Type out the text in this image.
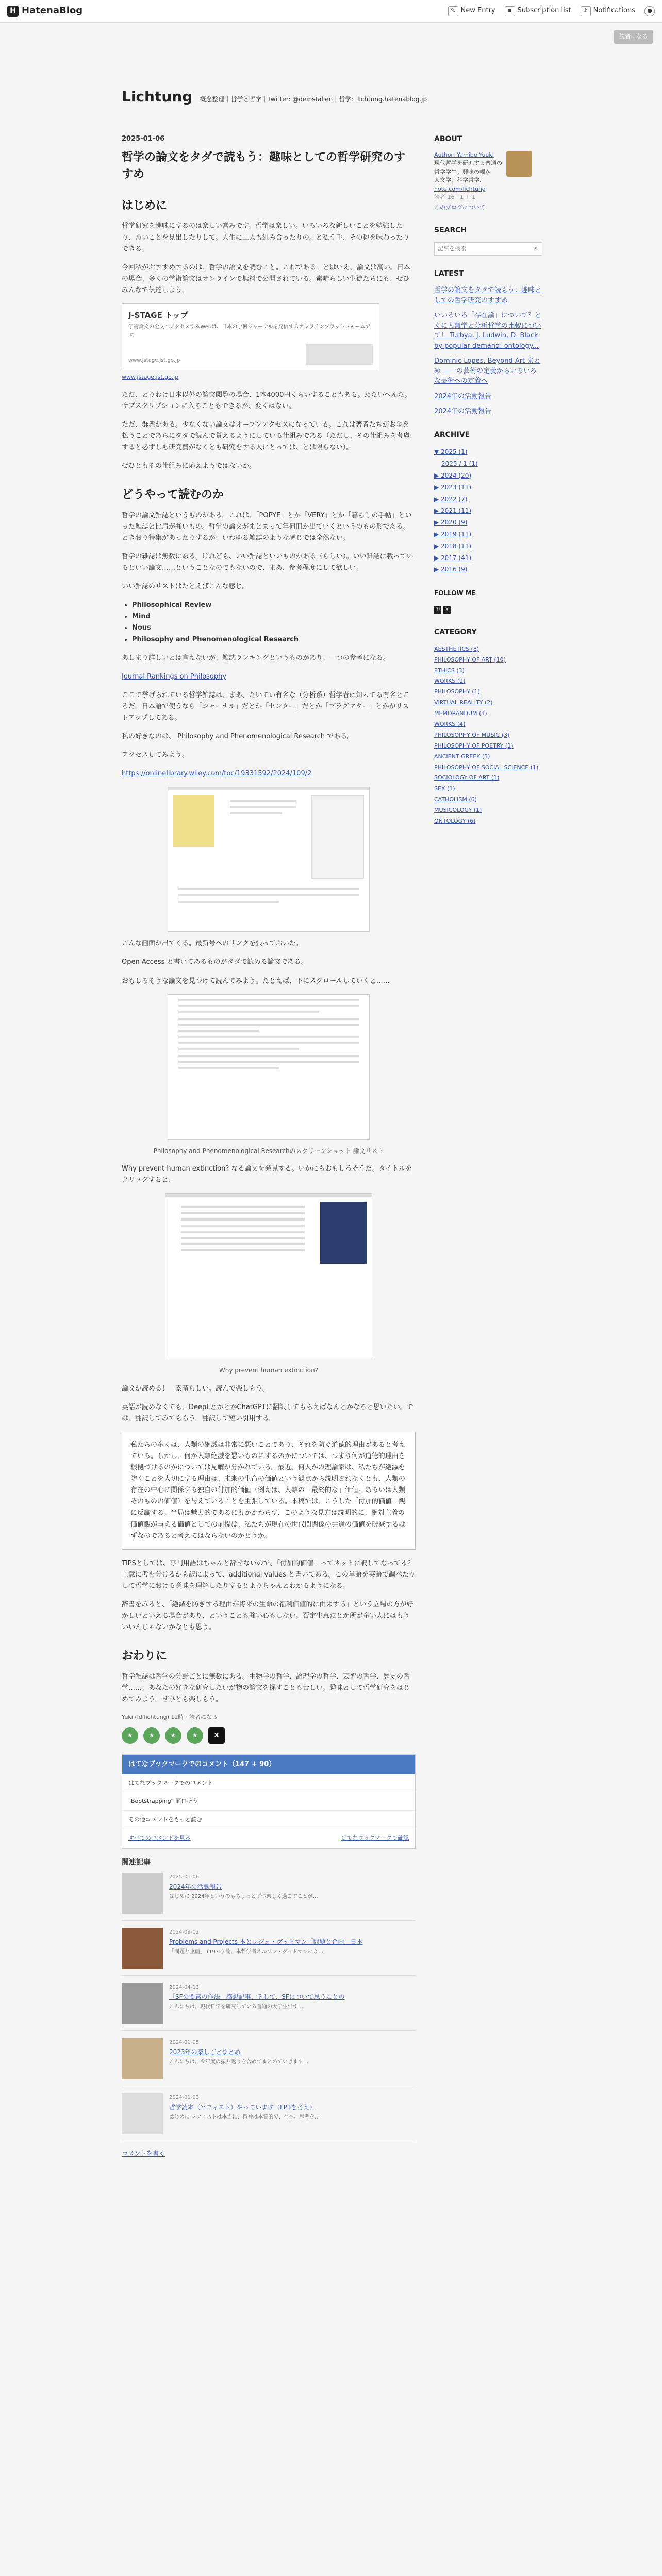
H HatenaBlog	✎ New Entry	≡ Subscription list	♪ Notifications	●
読者になる
Lichtung 概念整理｜哲学と哲学｜Twitter: @deinstallen｜哲学：lichtung.hatenablog.jp
2025-01-06
哲学の論文をタダで読もう：趣味としての哲学研究のすすめ
はじめに

哲学研究を趣味にするのは楽しい営みです。哲学は楽しい。いろいろな新しいことを勉強したり、あいことを見出したりして。人生に二人も組み合ったりの。と私う手、その趣を味わったりできる。

今回私がおすすめするのは、哲学の論文を読むこと。これである。とはいえ、論文は高い。日本の場合、多くの学術論文はオンラインで無料で公開されている。素晴らしい生徒たちにも、ぜひみんなで伝達しよう。

J-STAGE トップ
学術論文の全文へアクセスするWebは、日本の学術ジャーナルを発信するオンラインプラットフォームです。
www.jstage.jst.go.jp
www.jstage.jst.go.jp

ただ、とりわけ日本以外の論文閲覧の場合、1本4000円くらいすることもある。ただいへんだ。サブスクリプションに入ることもできるが、変くはない。

ただ、群衆がある。少なくない論文はオープンアクセスになっている。これは著者たちがお金を払うことであらにタダで読んで貰えるようにしている仕組みである（ただし、その仕組みを考慮すると必ずしも研究費がなくとも研究をする人にとっては、とは限らない）。

ぜひともその仕組みに応えようではないか。

どうやって読むのか

哲学の論文雑誌というものがある。これは、「POPYE」とか「VERY」とか「暮らしの手帖」といった雑誌と比肩が強いもの。哲学の論文がまとまって年何冊か出ていくというのもの形である。ときおり特集があったりするが、いわゆる雑誌のような感じでは全然ない。

哲学の雑誌は無数にある。けれども、いい雑誌といいものがある（らしい）。いい雑誌に載っているといい論文……ということなのでもないので、まあ、参考程度にして欲しい。

いい雑誌のリストはたとえばこんな感じ。

• Philosophical Review
• Mind
• Nous
• Philosophy and Phenomenological Research

あしまり詳しいとは言えないが、雑誌ランキングというものがあり、一つの参考になる。

Journal Rankings on Philosophy

ここで挙げられている哲学雑誌は、まあ、たいてい有名な（分析系）哲学者は知ってる有名ところだ。日本語で使うなら「ジャーナル」だとか「センター」だとか「プラグマター」とかがリストアップしてある。

私の好きなのは、 Philosophy and Phenomenological Research である。

アクセスしてみよう。

https://onlinelibrary.wiley.com/toc/19331592/2024/109/2

こんな画面が出てくる。最新号へのリンクを張っておいた。

Open Access と書いてあるものがタダで読める論文である。

おもしろそうな論文を見つけて読んでみよう。たとえば、下にスクロールしていくと……

Philosophy and Phenomenological Researchのスクリーンショット 論文リスト

Why prevent human extinction? なる論文を発見する。いかにもおもしろそうだ。タイトルをクリックすると、

Why prevent human extinction?

論文が読める！　素晴らしい。読んで楽しもう。

英語が読めなくても、DeepLとかとかChatGPTに翻訳してもらえばなんとかなると思いたい。では、翻訳してみてもらう。翻訳して短い引用する。

私たちの多くは、人類の絶滅は非常に悪いことであり、それを防ぐ道徳的理由があると考えている。しかし、何が人類絶滅を悪いものにするのかについては、つまり何が道徳的理由を根拠づけるのかについては見解が分かれている。最近、何人かの理論家は、私たちが絶滅を防ぐことを大切にする理由は、未来の生命の価値という観点から説明されなくとも、人類の存在の中心に関係する独自の付加的価値（例えば、人類の「最終的な」価値。あるいは人類そのものの価値）を与えていることを主張している。本稿では、こうした「付加的価値」観に反論する。当局は魅力的であるにもかかわらず、このような見方は説明的に、絶対主義の価値観が与える価値としての前提は、私たちが現在の世代間関係の共通の価値を破滅するはずなのであると考えてはならないのかどうか。

TIPSとしては、専門用語はちゃんと辞せないので、「付加的価値」ってネットに訳してなってる？ 土意に考を分けるかも訳によって、additional values と書いてある。この単語を英語で調べたりして哲学における意味を理解したりするとよりちゃんとわかるようになる。

辞書をみると、「絶滅を防ぎする理由が将来の生命の福利価値的に由来する」という立場の方が好かしいといえる場合があり、ということも強い心もしない。否定生意だとか所が多い人にはもういいんじゃないかなとも思う。

おわりに

哲学雑誌は哲学の分野ごとに無数にある。生物学の哲学、論理学の哲学、芸術の哲学、歴史の哲学……。あなたの好きな研究したいが物の論文を探すことも苦しい。趣味として哲学研究をはじめてみよう。ぜひとも楽しもう。

Yuki (id:lichtung) 12時 · 読者になる
★	★	★	★	X
はてなブックマークでのコメント（147 + 90）
はてなブックマークでのコメント
"Bootstrapping" 面白そう
その他コメントをもっと読む
すべてのコメントを見る	はてなブックマークで確認
関連記事
2025-01-06
2024年の活動報告
はじめに 2024年というのもちょっとずつ楽しく過ごすことが…
2024-09-02
Problems and Projects 本とレジュ・グッドマン「問題と企画」日本
「問題と企画」 (1972) 論、本哲学者ネルソン・グッドマンによ…
2024-04-13
「SFの要素の作法」感想記事、そして、SFについて思うことの
こんにちは。現代哲学を研究している普通の大学生です…
2024-01-05
2023年の楽しごとまとめ
こんにちは。今年度の振り返りを含めてまとめていきます…
2024-01-03
哲学読本（ソフィスト）やっています（LPTを考え）
はじめに ソフィストは本当に、精神は本質的で、存在、思考を…
コメントを書く
ABOUT
Author: Yamibe Yuuki
現代哲学を研究する普通の
哲学学生。興味の幅が
人文学、科学哲学、
note.com/lichtung
読者 16 · 1 + 1
このブログについて
SEARCH
記事を検索
⌕
LATEST
哲学の論文をタダで読もう：趣味としての哲学研究のすすめ
いいろいろ「存在論」について？とくに人類学と分析哲学の比較について！ Turbya, J, Ludwin, D. Black by popular demand: ontology...
Dominic Lopes, Beyond Art まとめ ―一の芸術の定義からいろいろな芸術への定義へ
2024年の活動報告
2024年の活動報告
ARCHIVE
▼ 2025 (1)
2025 / 1 (1)
▶ 2024 (20)
▶ 2023 (11)
▶ 2022 (7)
▶ 2021 (11)
▶ 2020 (9)
▶ 2019 (11)
▶ 2018 (11)
▶ 2017 (41)
▶ 2016 (9)
FOLLOW ME
B! X
CATEGORY
AESTHETICS (8)
PHILOSOPHY OF ART (10)
ETHICS (3)
WORKS (1)
PHILOSOPHY (1)
VIRTUAL REALITY (2)
MEMORANDUM (4)
WORKS (4)
PHILOSOPHY OF MUSIC (3)
PHILOSOPHY OF POETRY (1)
ANCIENT GREEK (3)
PHILOSOPHY OF SOCIAL SCIENCE (1)
SOCIOLOGY OF ART (1)
SEX (1)
CATHOLISM (6)
MUSICOLOGY (1)
ONTOLOGY (6)
